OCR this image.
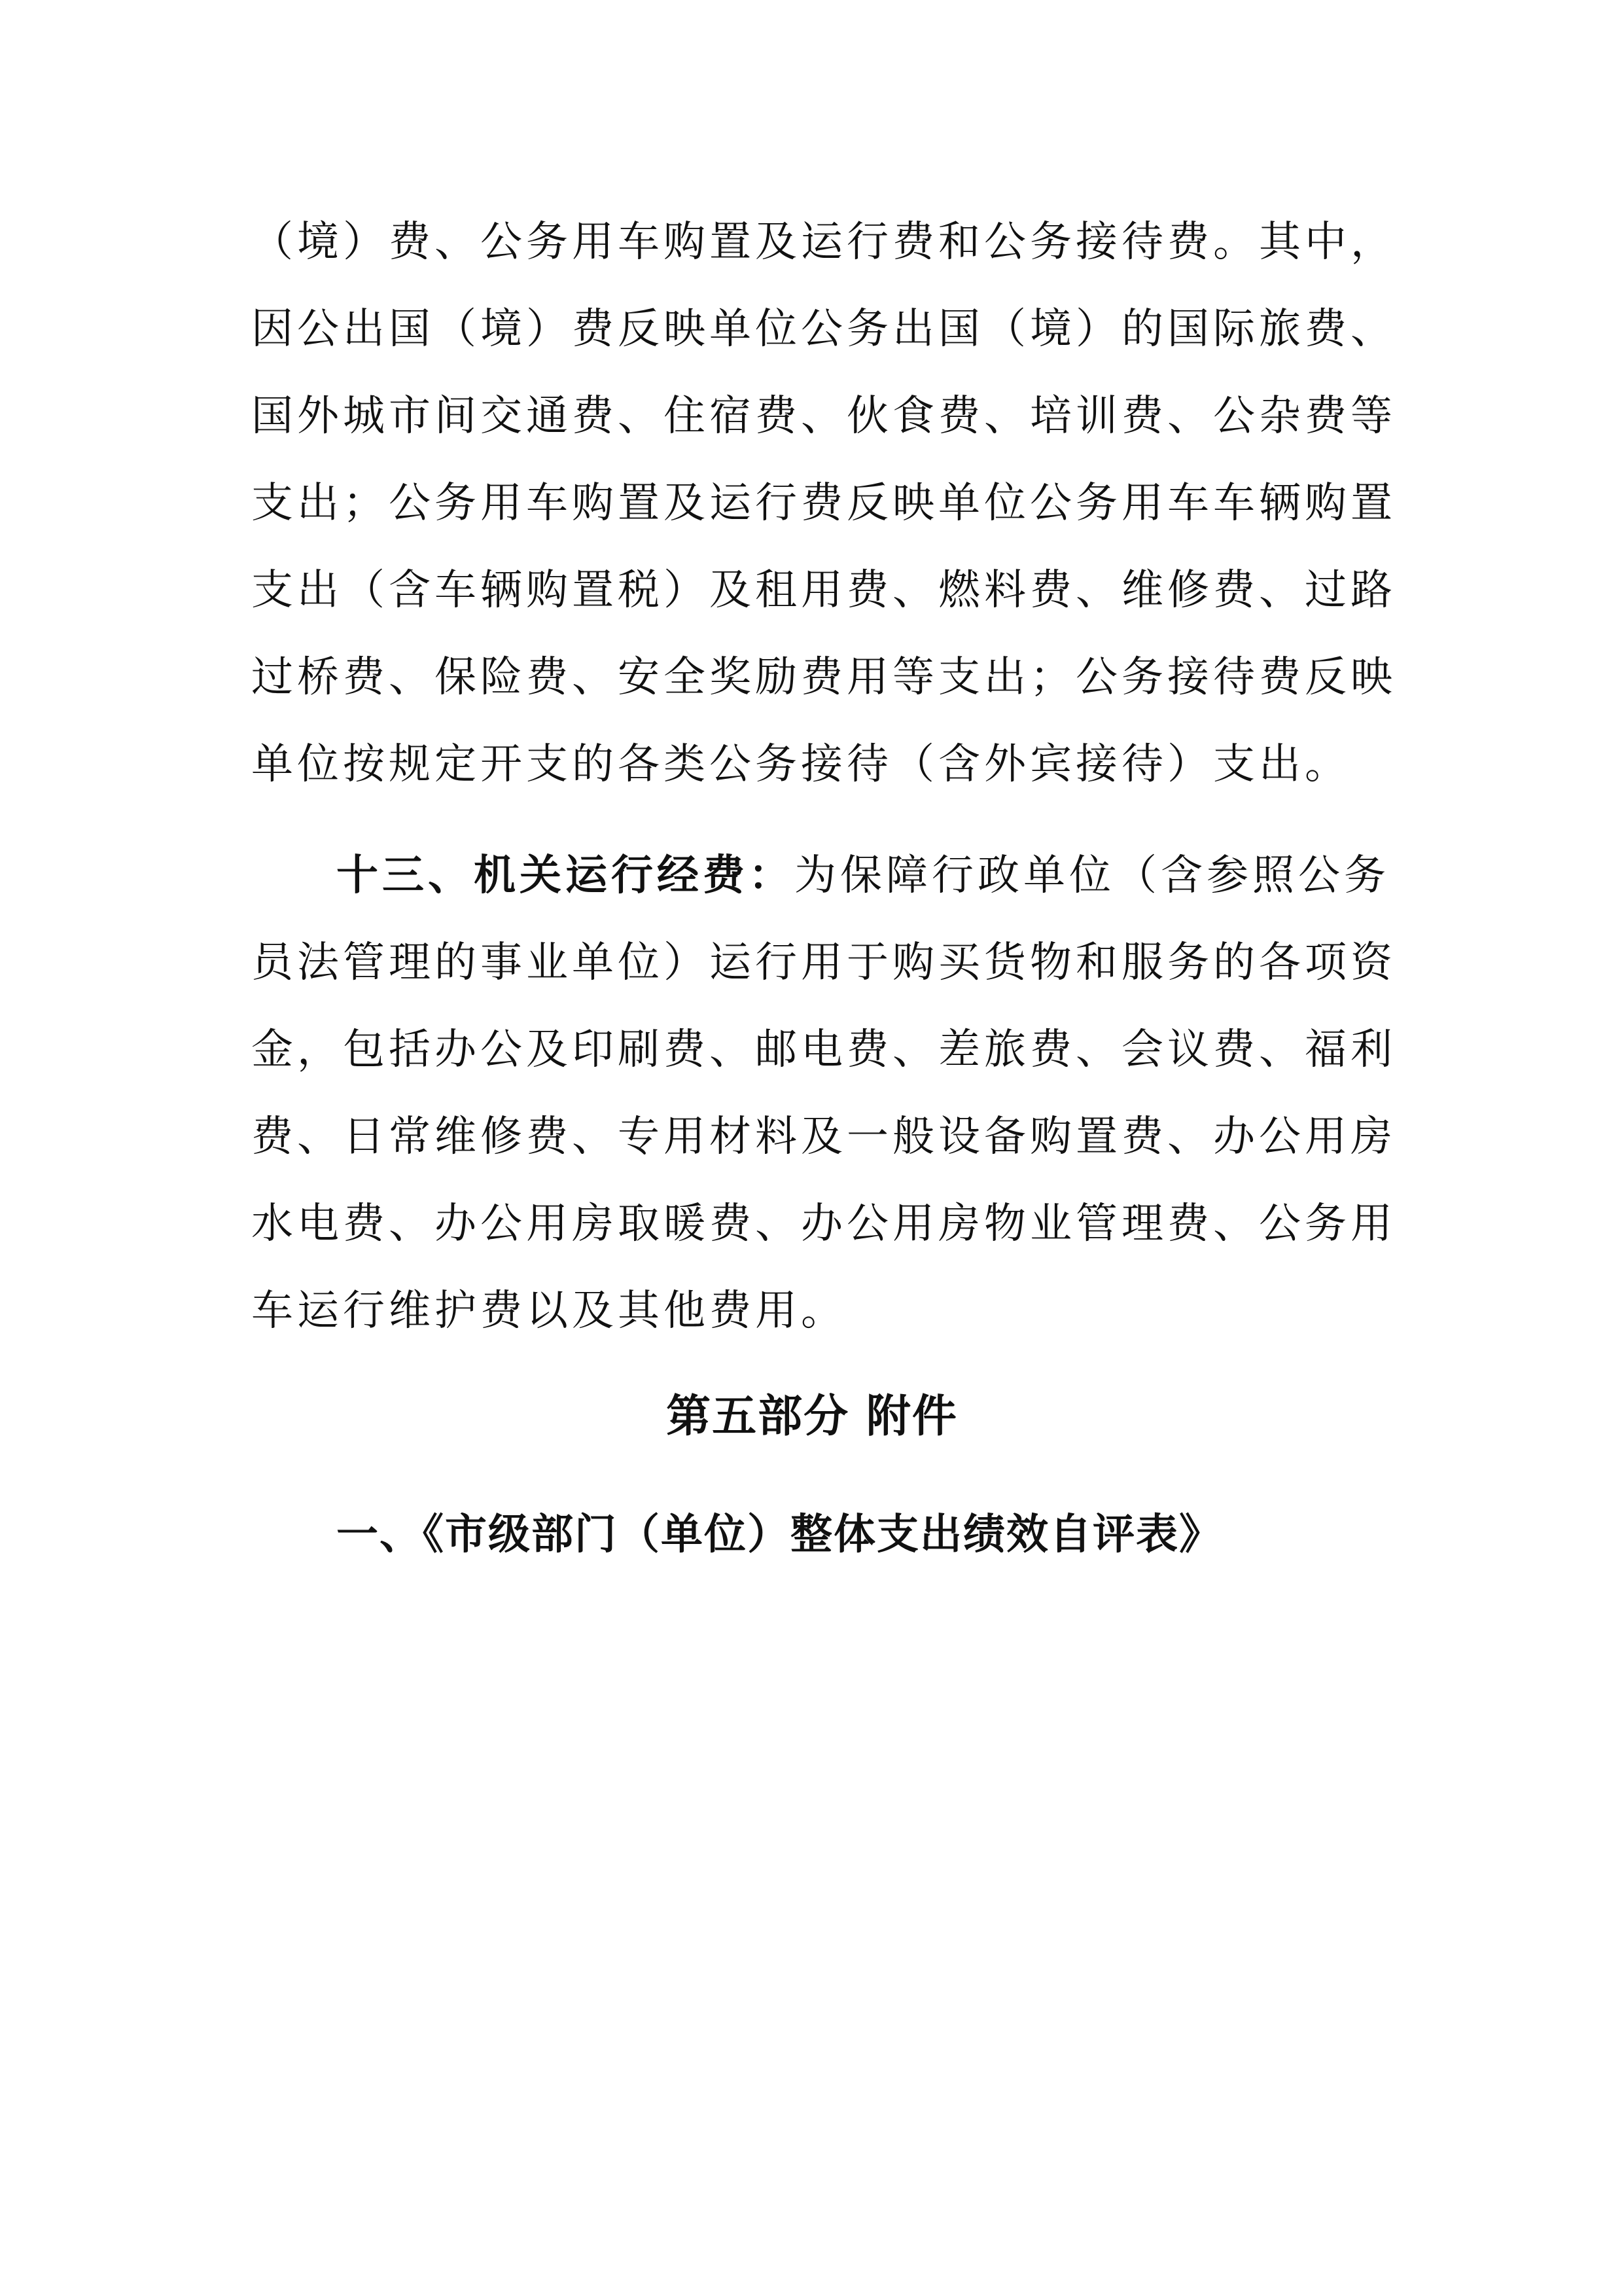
（境）费、公务用车购置及运行费和公务接待费。其中，
因公出国（境）费反映单位公务出国（境）的国际旅费、
国外城市间交通费、住宿费、伙食费、培训费、公杂费等
支出；公务用车购置及运行费反映单位公务用车车辆购置
支出（含车辆购置税）及租用费、燃料费、维修费、过路
过桥费、保险费、安全奖励费用等支出；公务接待费反映
单位按规定开支的各类公务接待（含外宾接待）支出。
十三、机关运行经费：为保障行政单位（含参照公务
员法管理的事业单位）运行用于购买货物和服务的各项资
金，包括办公及印刷费、邮电费、差旅费、会议费、福利
费、日常维修费、专用材料及一般设备购置费、办公用房
水电费、办公用房取暖费、办公用房物业管理费、公务用
车运行维护费以及其他费用。
第五部分 附件
一、《市级部门（单位）整体支出绩效自评表》
